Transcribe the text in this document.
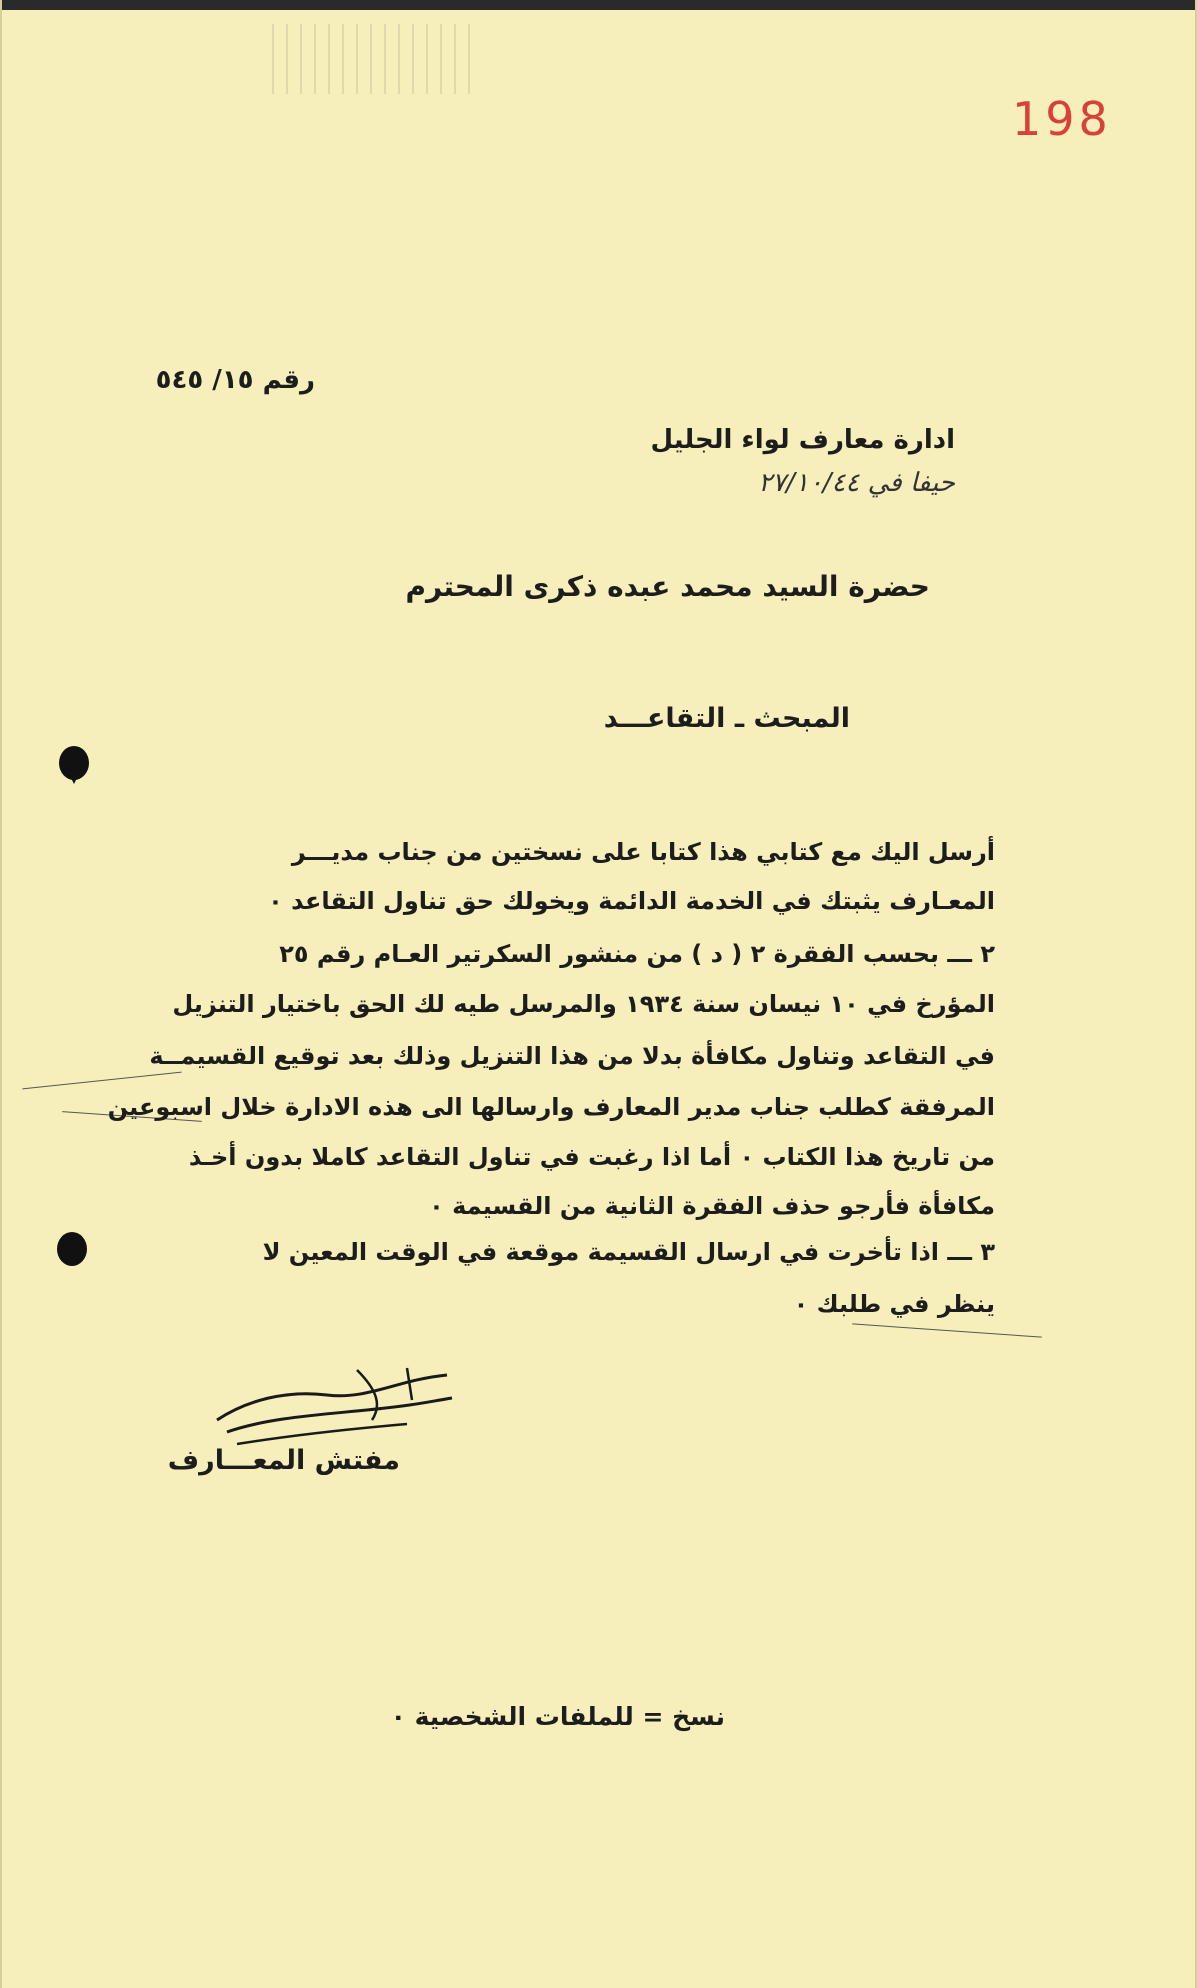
198
رقم ١٥/ ٥٤٥
ادارة معارف لواء الجليل
حيفا في ٢٧/١٠/٤٤
حضرة السيد محمد عبده ذكرى المحترم
المبحث ـ التقاعـــد
أرسل اليك مع كتابي هذا كتابا على نسختين من جناب مديـــر
المعـارف يثبتك في الخدمة الدائمة ويخولك حق تناول التقاعد ٠
٢ ـــ بحسب الفقرة ٢ ( د ) من منشور السكرتير العـام رقم ٢٥
المؤرخ في ١٠ نيسان سنة ١٩٣٤ والمرسل طيه لك الحق باختيار التنزيل
في التقاعد وتناول مكافأة بدلا من هذا التنزيل وذلك بعد توقيع القسيمــة
المرفقة كطلب جناب مدير المعارف وارسالها الى هذه الادارة خلال اسبوعين
من تاريخ هذا الكتاب ٠ أما اذا رغبت في تناول التقاعد كاملا بدون أخـذ
مكافأة فأرجو حذف الفقرة الثانية من القسيمة ٠
٣ ـــ اذا تأخرت في ارسال القسيمة موقعة في الوقت المعين لا
ينظر في طلبك ٠
مفتش المعـــارف
نسخ = للملفات الشخصية ٠
